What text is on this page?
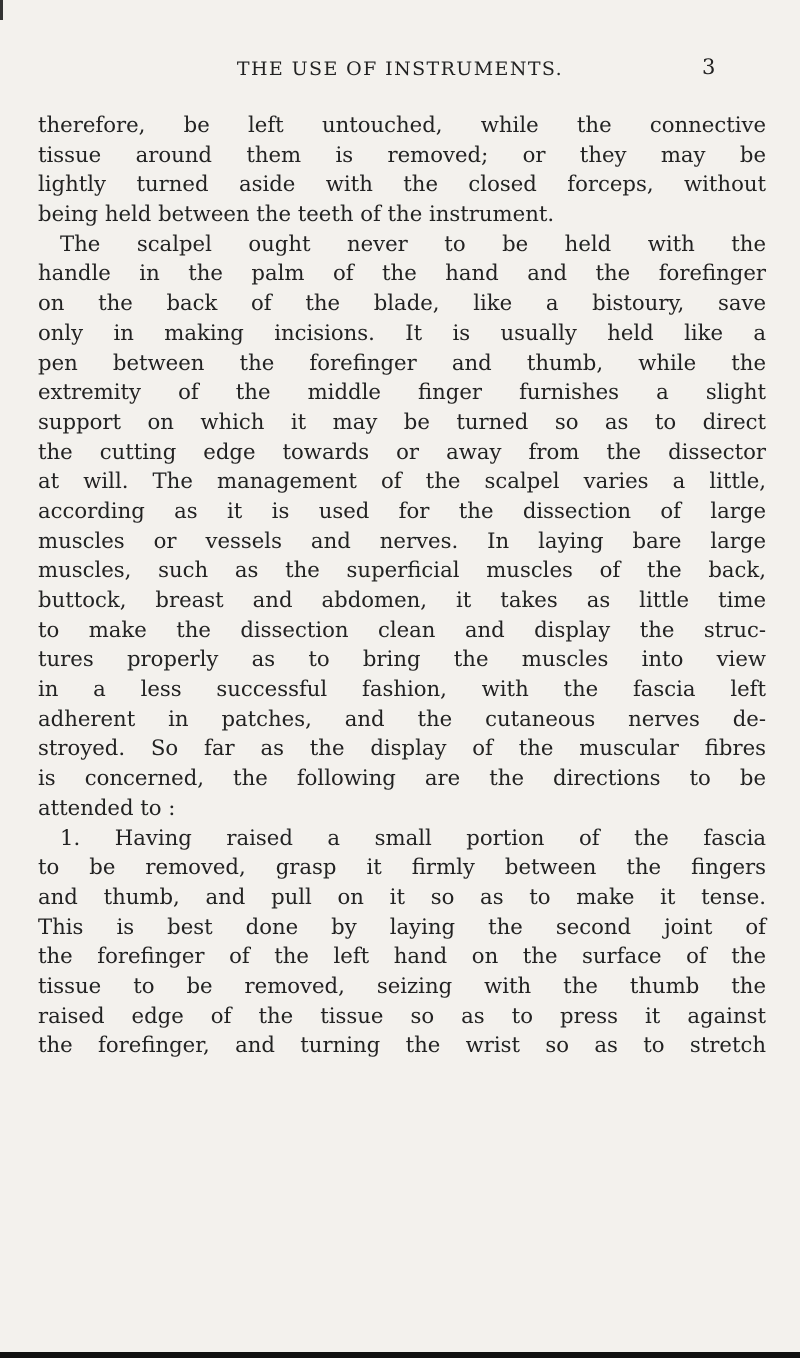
THE USE OF INSTRUMENTS.	3
therefore, be left untouched, while the connective
tissue around them is removed; or they may be
lightly turned aside with the closed forceps, without
being held between the teeth of the instrument.
The scalpel ought never to be held with the
handle in the palm of the hand and the forefinger
on the back of the blade, like a bistoury, save
only in making incisions. It is usually held like a
pen between the forefinger and thumb, while the
extremity of the middle finger furnishes a slight
support on which it may be turned so as to direct
the cutting edge towards or away from the dissector
at will. The management of the scalpel varies a little,
according as it is used for the dissection of large
muscles or vessels and nerves. In laying bare large
muscles, such as the superficial muscles of the back,
buttock, breast and abdomen, it takes as little time
to make the dissection clean and display the struc-
tures properly as to bring the muscles into view
in a less successful fashion, with the fascia left
adherent in patches, and the cutaneous nerves de-
stroyed. So far as the display of the muscular fibres
is concerned, the following are the directions to be
attended to :
1. Having raised a small portion of the fascia
to be removed, grasp it firmly between the fingers
and thumb, and pull on it so as to make it tense.
This is best done by laying the second joint of
the forefinger of the left hand on the surface of the
tissue to be removed, seizing with the thumb the
raised edge of the tissue so as to press it against
the forefinger, and turning the wrist so as to stretch
